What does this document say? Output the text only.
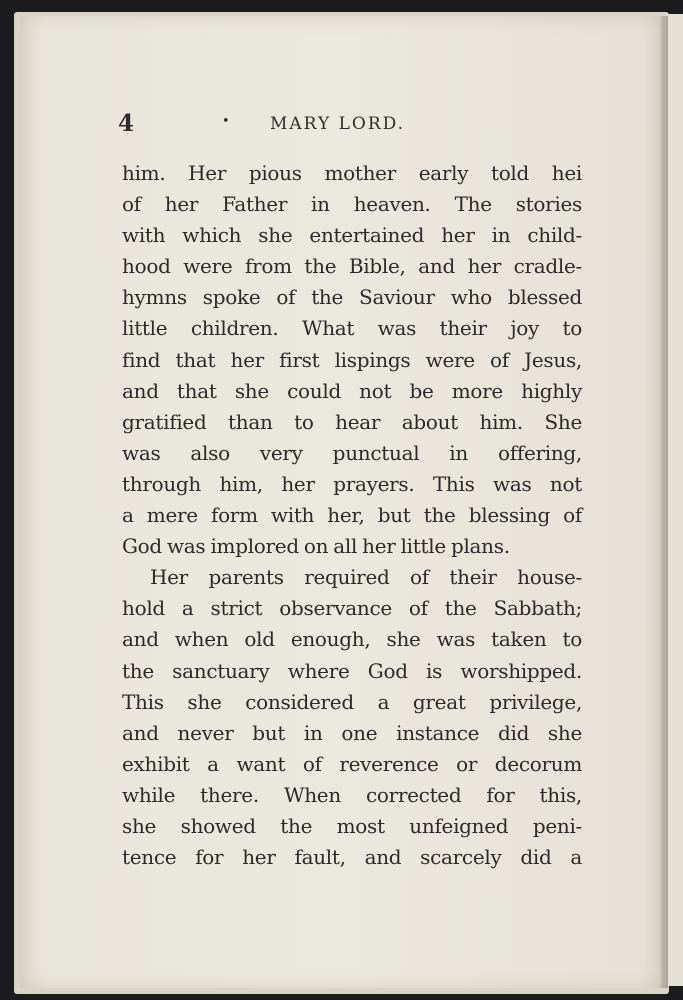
4	• MARY LORD.
him. Her pious mother early told hei
of her Father in heaven. The stories
with which she entertained her in child-
hood were from the Bible, and her cradle-
hymns spoke of the Saviour who blessed
little children. What was their joy to
find that her first lispings were of Jesus,
and that she could not be more highly
gratified than to hear about him. She
was also very punctual in offering,
through him, her prayers. This was not
a mere form with her, but the blessing of
God was implored on all her little plans.
Her parents required of their house-
hold a strict observance of the Sabbath;
and when old enough, she was taken to
the sanctuary where God is worshipped.
This she considered a great privilege,
and never but in one instance did she
exhibit a want of reverence or decorum
while there. When corrected for this,
she showed the most unfeigned peni-
tence for her fault, and scarcely did a
